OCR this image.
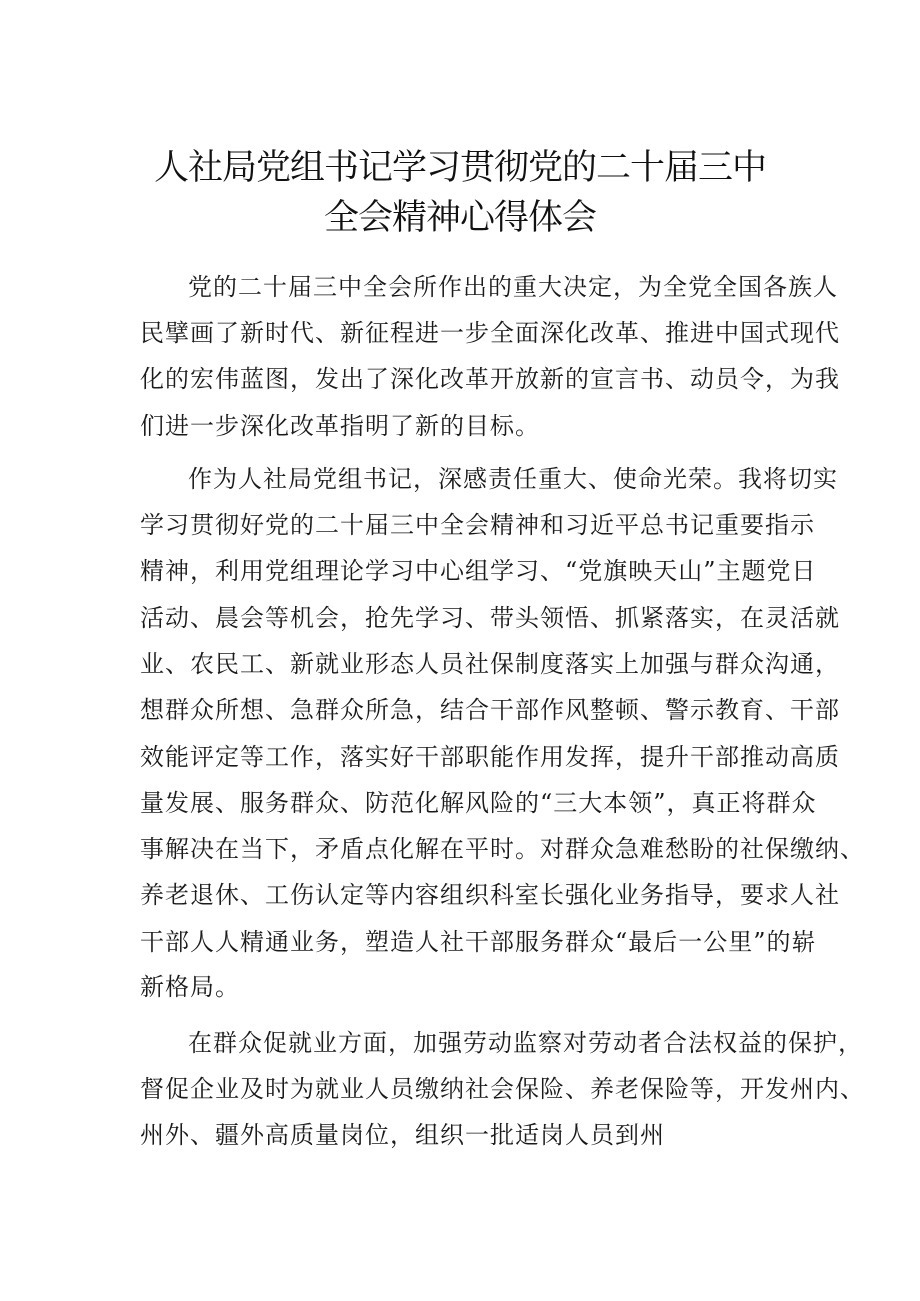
人社局党组书记学习贯彻党的二十届三中
全会精神心得体会
党的二十届三中全会所作出的重大决定，为全党全国各族人
民擘画了新时代、新征程进一步全面深化改革、推进中国式现代
化的宏伟蓝图，发出了深化改革开放新的宣言书、动员令，为我
们进一步深化改革指明了新的目标。
作为人社局党组书记，深感责任重大、使命光荣。我将切实
学习贯彻好党的二十届三中全会精神和习近平总书记重要指示
精神，利用党组理论学习中心组学习、“党旗映天山”主题党日
活动、晨会等机会，抢先学习、带头领悟、抓紧落实，在灵活就
业、农民工、新就业形态人员社保制度落实上加强与群众沟通，
想群众所想、急群众所急，结合干部作风整顿、警示教育、干部
效能评定等工作，落实好干部职能作用发挥，提升干部推动高质
量发展、服务群众、防范化解风险的“三大本领”，真正将群众
事解决在当下，矛盾点化解在平时。对群众急难愁盼的社保缴纳、
养老退休、工伤认定等内容组织科室长强化业务指导，要求人社
干部人人精通业务，塑造人社干部服务群众“最后一公里”的崭
新格局。
在群众促就业方面，加强劳动监察对劳动者合法权益的保护，
督促企业及时为就业人员缴纳社会保险、养老保险等，开发州内、
州外、疆外高质量岗位，组织一批适岗人员到州
